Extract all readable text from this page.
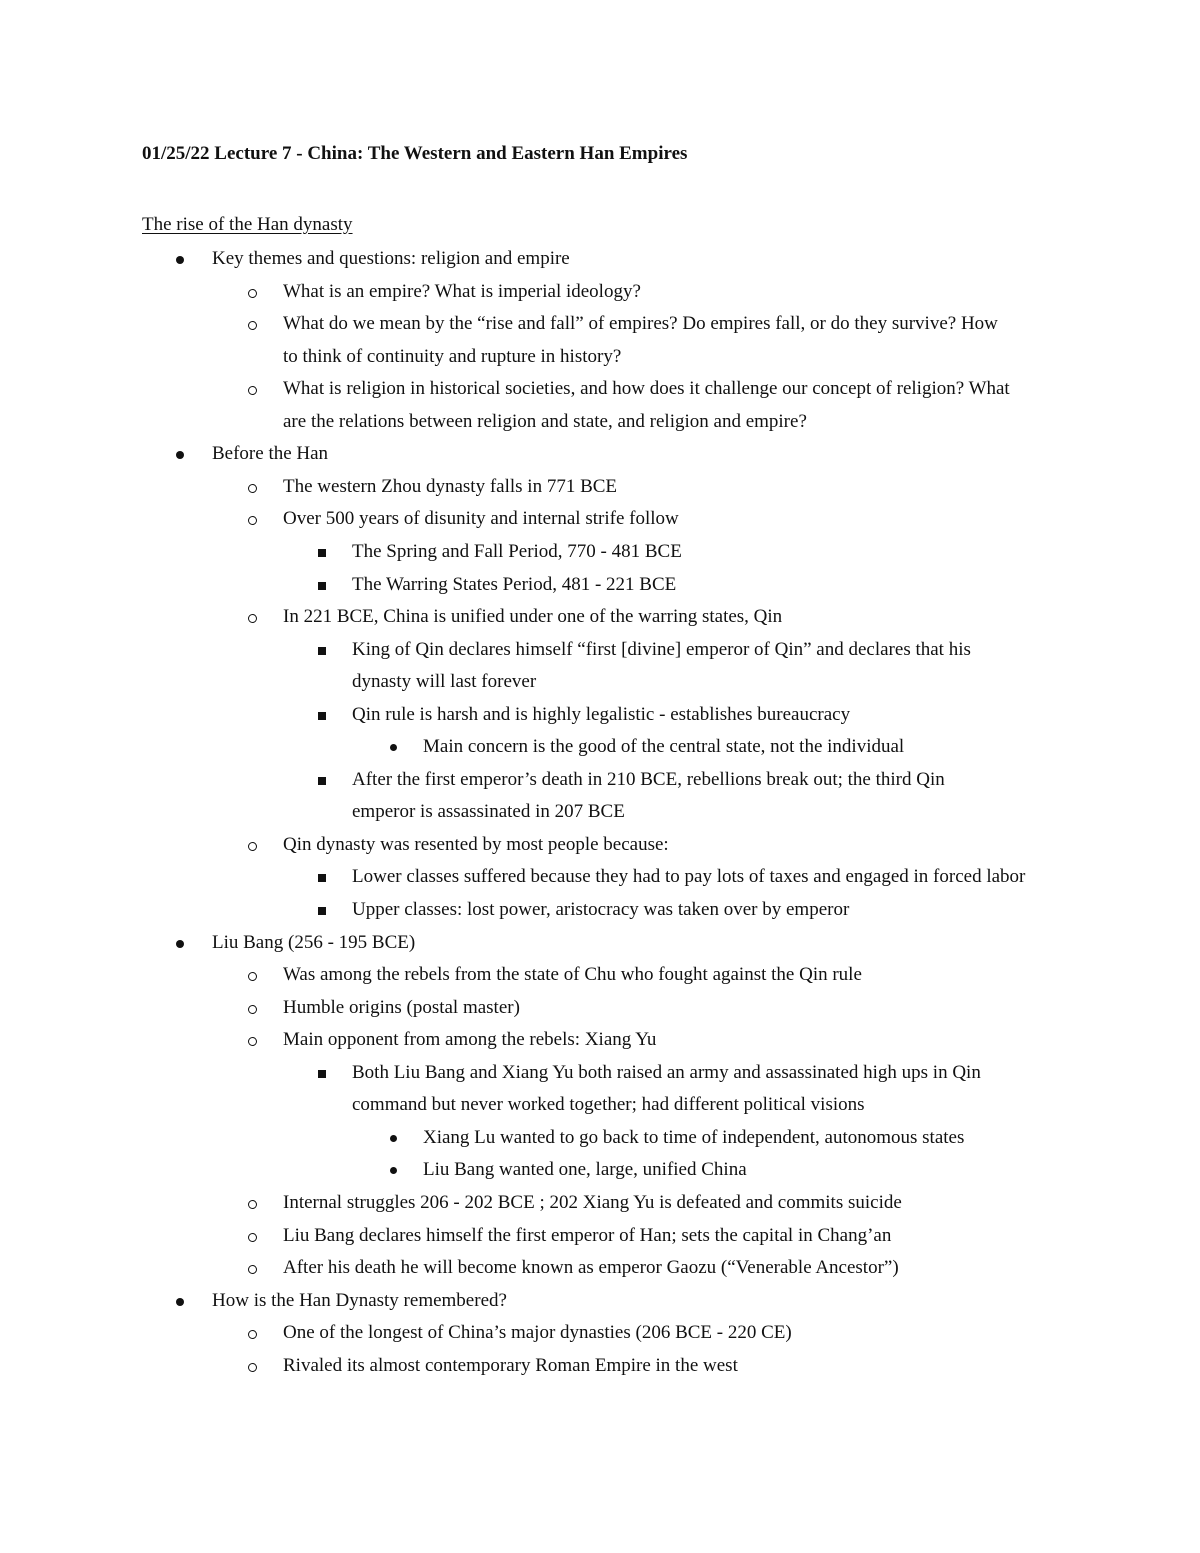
01/25/22 Lecture 7 - China: The Western and Eastern Han Empires
The rise of the Han dynasty
Key themes and questions: religion and empire
What is an empire? What is imperial ideology?
What do we mean by the “rise and fall” of empires? Do empires fall, or do they survive? How
to think of continuity and rupture in history?
What is religion in historical societies, and how does it challenge our concept of religion? What
are the relations between religion and state, and religion and empire?
Before the Han
The western Zhou dynasty falls in 771 BCE
Over 500 years of disunity and internal strife follow
The Spring and Fall Period, 770 - 481 BCE
The Warring States Period, 481 - 221 BCE
In 221 BCE, China is unified under one of the warring states, Qin
King of Qin declares himself “first [divine] emperor of Qin” and declares that his
dynasty will last forever
Qin rule is harsh and is highly legalistic - establishes bureaucracy
Main concern is the good of the central state, not the individual
After the first emperor’s death in 210 BCE, rebellions break out; the third Qin
emperor is assassinated in 207 BCE
Qin dynasty was resented by most people because:
Lower classes suffered because they had to pay lots of taxes and engaged in forced labor
Upper classes: lost power, aristocracy was taken over by emperor
Liu Bang (256 - 195 BCE)
Was among the rebels from the state of Chu who fought against the Qin rule
Humble origins (postal master)
Main opponent from among the rebels: Xiang Yu
Both Liu Bang and Xiang Yu both raised an army and assassinated high ups in Qin
command but never worked together; had different political visions
Xiang Lu wanted to go back to time of independent, autonomous states
Liu Bang wanted one, large, unified China
Internal struggles 206 - 202 BCE ; 202 Xiang Yu is defeated and commits suicide
Liu Bang declares himself the first emperor of Han; sets the capital in Chang’an
After his death he will become known as emperor Gaozu (“Venerable Ancestor”)
How is the Han Dynasty remembered?
One of the longest of China’s major dynasties (206 BCE - 220 CE)
Rivaled its almost contemporary Roman Empire in the west
